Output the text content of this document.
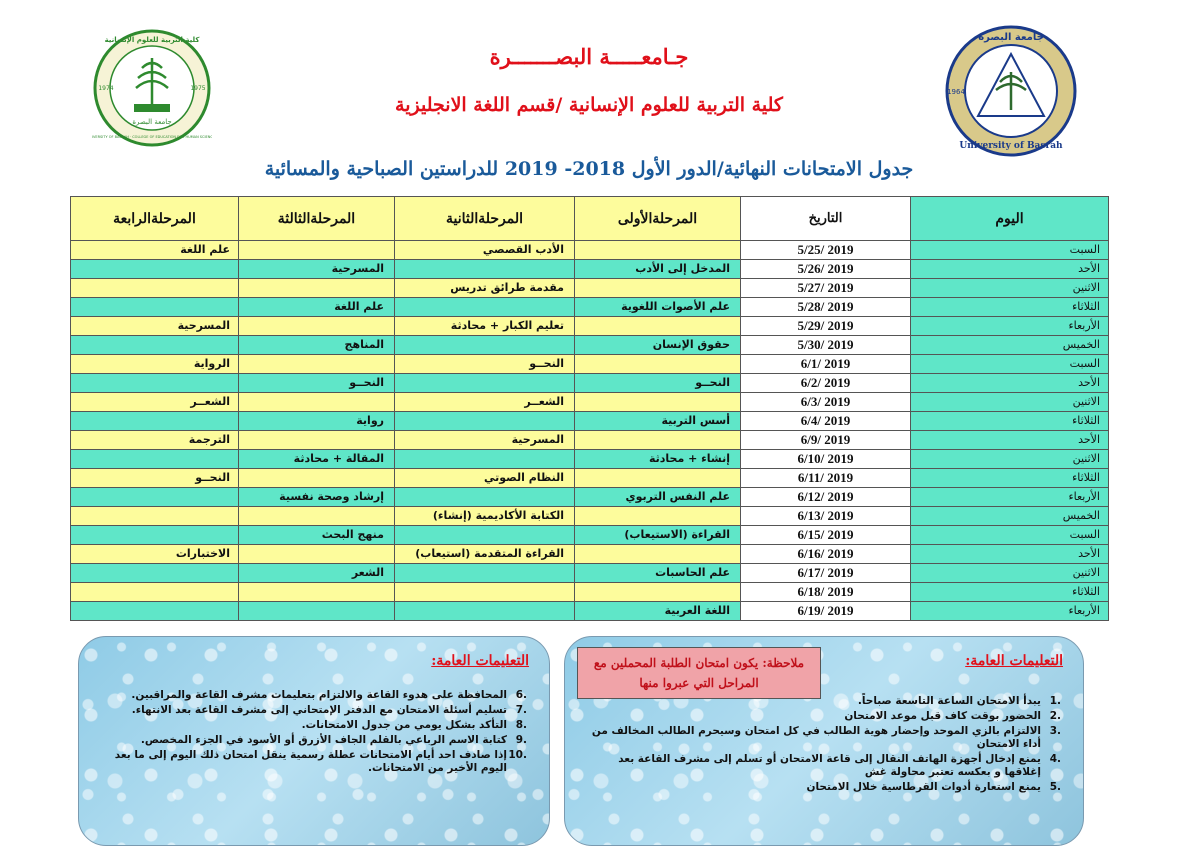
كلية التربية للعلوم الإنسانية
جامعة البصرة
1974	1975
UNIVERSITY OF BASRAH · COLLEGE OF EDUCATION FOR HUMAN SCIENCES
جامعة البصرة
University of Basrah
1964
جـامعـــــة البصـــــــرة
كلية التربية للعلوم الإنسانية /قسم اللغة الانجليزية
جدول الامتحانات النهائية/الدور الأول 2018- 2019 للدراستين الصباحية والمسائية
اليوم	التاريخ	المرحلةالأولى	المرحلةالثانية	المرحلةالثالثة	المرحلةالرابعة
السبت	2019 /5/25		الأدب القصصي		علم اللغة
الأحد	2019 /5/26	المدخل إلى الأدب		المسرحية	
الاثنين	2019 /5/27		مقدمة طرائق تدريس		
الثلاثاء	2019 /5/28	علم الأصوات اللغوية		علم اللغة	
الأربعاء	2019 /5/29		تعليم الكبار + محادثة		المسرحية
الخميس	2019 /5/30	حقوق الإنسان		المناهج	
السبت	2019 /6/1		النحــو		الرواية
الأحد	2019 /6/2	النحــو		النحــو	
الاثنين	2019 /6/3		الشعــر		الشعــر
الثلاثاء	2019 /6/4	أسس التربية		رواية	
الأحد	2019 /6/9		المسرحية		الترجمة
الاثنين	2019 /6/10	إنشاء + محادثة		المقالة + محادثة	
الثلاثاء	2019 /6/11		النظام الصوتي		النحــو
الأربعاء	2019 /6/12	علم النفس التربوي		إرشاد وصحة نفسية	
الخميس	2019 /6/13		الكتابة الأكاديمية (إنشاء)		
السبت	2019 /6/15	القراءة (الاستيعاب)		منهج البحث	
الأحد	2019 /6/16		القراءة المتقدمة (استيعاب)		الاختبارات
الاثنين	2019 /6/17	علم الحاسبات		الشعر	
الثلاثاء	2019 /6/18				
الأربعاء	2019 /6/19	اللغة العربية			
التعليمات العامة:
ملاحظة: يكون امتحان الطلبة المحملين مع المراحل التي عبروا منها
.1
يبدأ الامتحان الساعة التاسعة صباحاً.
.2
الحضور بوقت كاف قبل موعد الامتحان
.3
الالتزام بالزي الموحد وإحضار هوية الطالب في كل امتحان وسيحرم الطالب المخالف من أداء الامتحان
.4
يمنع إدخال أجهزة الهاتف النقال إلى قاعة الامتحان أو تسلم إلى مشرف القاعة بعد إغلاقها و بعكسه تعتبر محاولة غش
.5
يمنع استعارة أدوات القرطاسية خلال الامتحان
التعليمات العامة:
.6
المحافظة على هدوء القاعة والالتزام بتعليمات مشرف القاعة والمراقبين.
.7
تسليم أسئلة الامتحان مع الدفتر الإمتحاني إلى مشرف القاعة بعد الانتهاء.
.8
التأكد بشكل يومي من جدول الامتحانات.
.9
كتابة الاسم الرباعي بالقلم الجاف الأزرق أو الأسود في الجزء المخصص.
.10
إذا صادف احد أيام الامتحانات عطلة رسمية ينقل امتحان ذلك اليوم إلى ما بعد اليوم الأخير من الامتحانات.
